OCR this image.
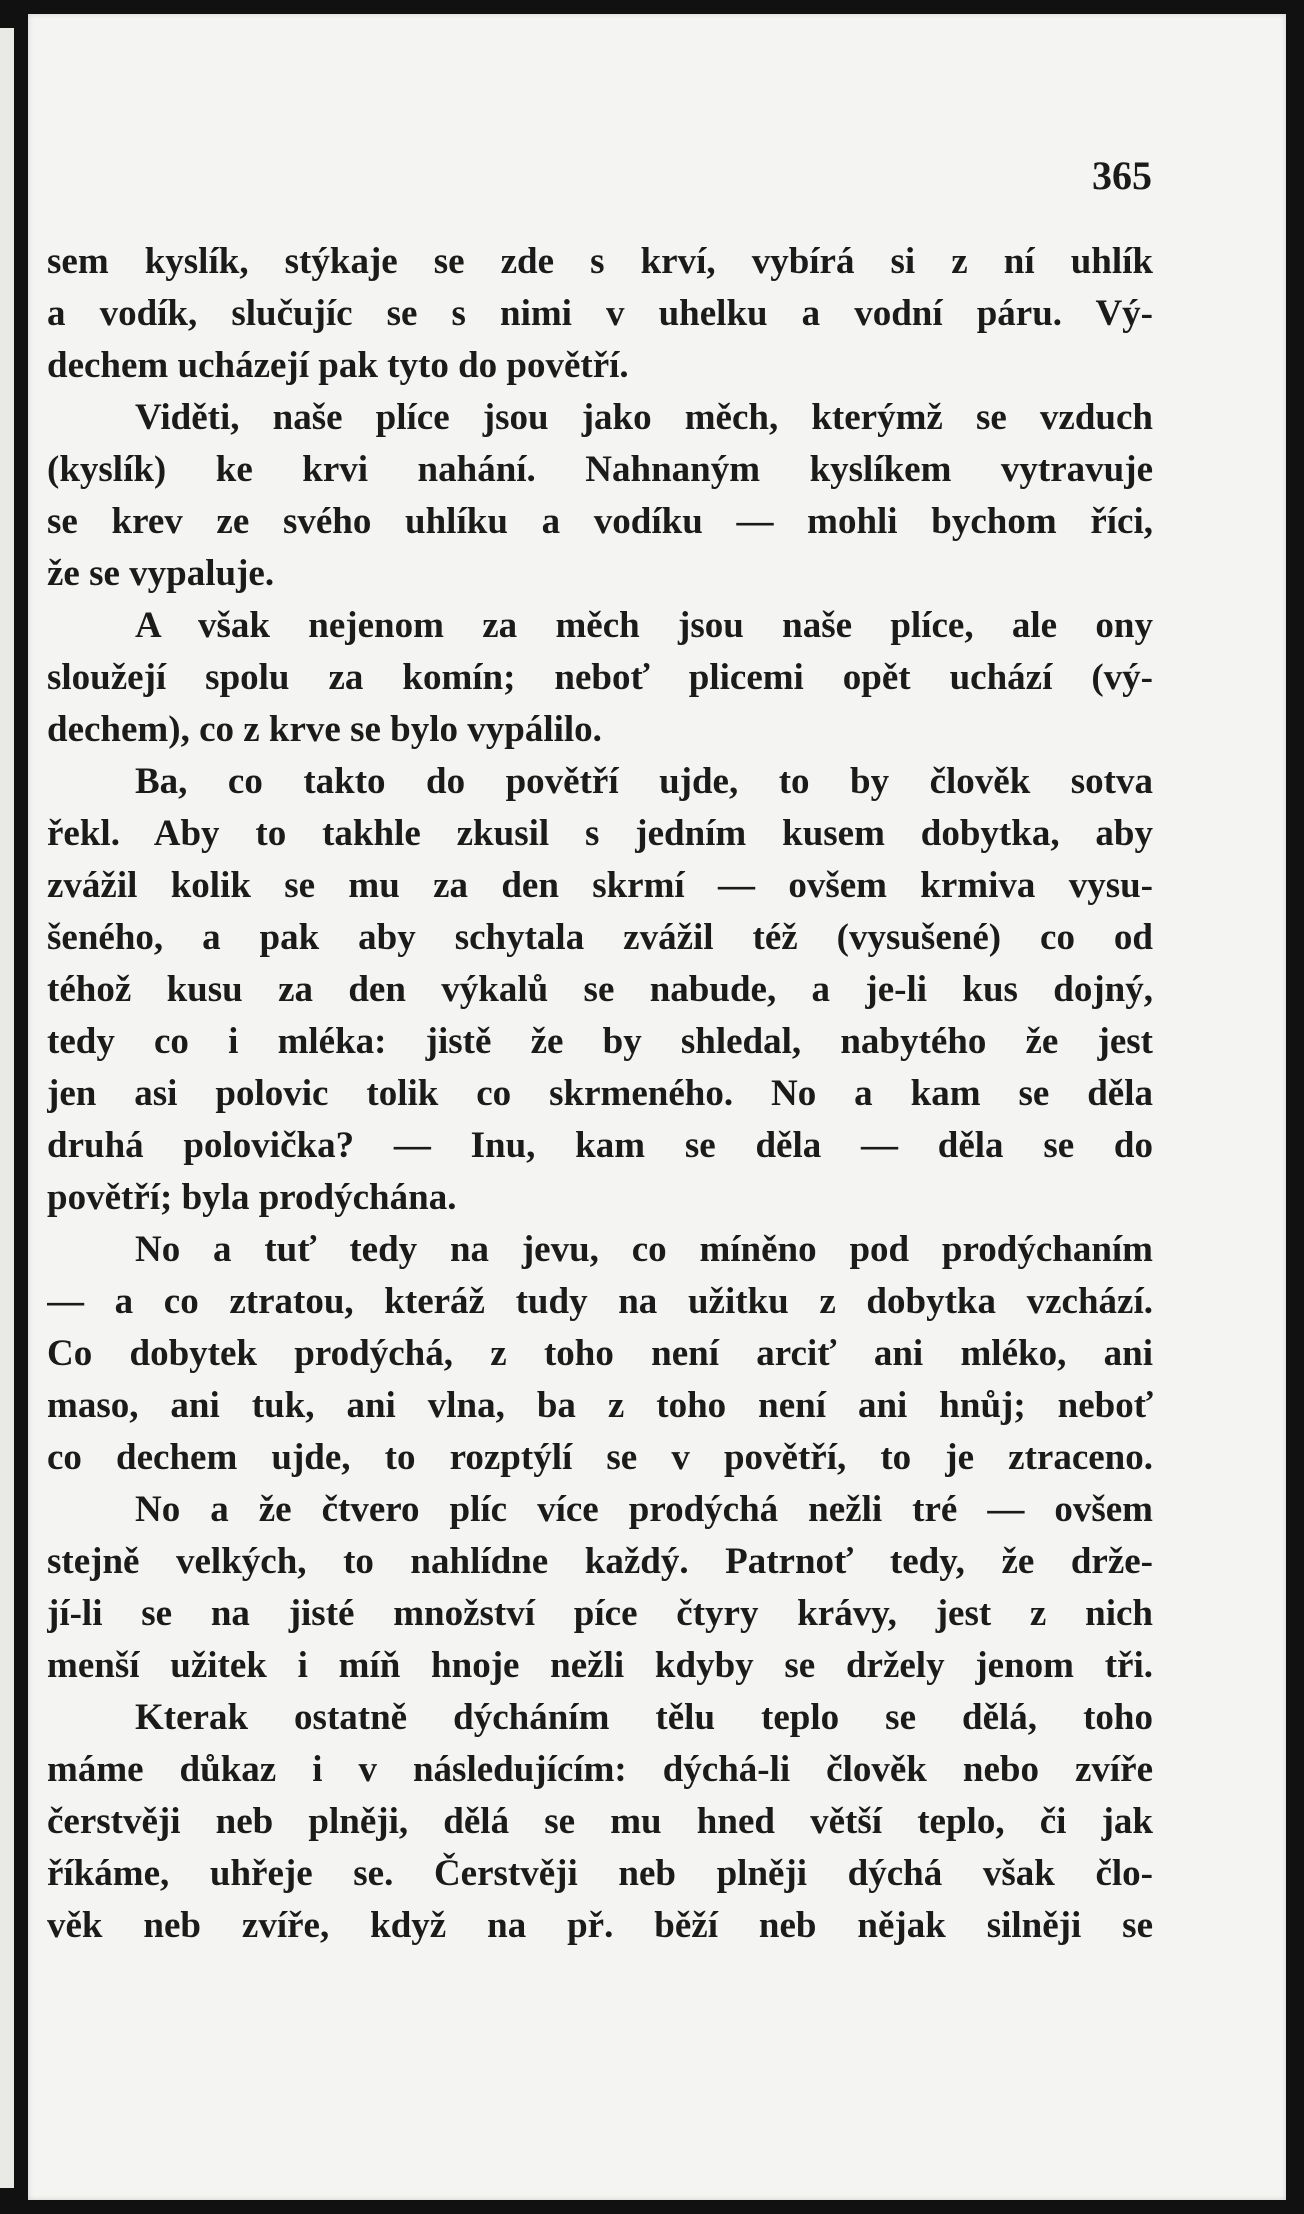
365
sem kyslík, stýkaje se zde s krví, vybírá si z ní uhlík
a vodík, slučujíc se s nimi v uhelku a vodní páru. Vý-
dechem ucházejí pak tyto do povětří.
Viděti, naše plíce jsou jako měch, kterýmž se vzduch
(kyslík) ke krvi nahání. Nahnaným kyslíkem vytravuje
se krev ze svého uhlíku a vodíku — mohli bychom říci,
že se vypaluje.
A však nejenom za měch jsou naše plíce, ale ony
sloužejí spolu za komín; neboť plicemi opět uchází (vý-
dechem), co z krve se bylo vypálilo.
Ba, co takto do povětří ujde, to by člověk sotva
řekl. Aby to takhle zkusil s jedním kusem dobytka, aby
zvážil kolik se mu za den skrmí — ovšem krmiva vysu-
šeného, a pak aby schytala zvážil též (vysušené) co od
téhož kusu za den výkalů se nabude, a je-li kus dojný,
tedy co i mléka: jistě že by shledal, nabytého že jest
jen asi polovic tolik co skrmeného. No a kam se děla
druhá polovička? — Inu, kam se děla — děla se do
povětří; byla prodýchána.
No a tuť tedy na jevu, co míněno pod prodýchaním
— a co ztratou, kteráž tudy na užitku z dobytka vzchází.
Co dobytek prodýchá, z toho není arciť ani mléko, ani
maso, ani tuk, ani vlna, ba z toho není ani hnůj; neboť
co dechem ujde, to rozptýlí se v povětří, to je ztraceno.
No a že čtvero plíc více prodýchá nežli tré — ovšem
stejně velkých, to nahlídne každý. Patrnoť tedy, že drže-
jí-li se na jisté množství píce čtyry krávy, jest z nich
menší užitek i míň hnoje nežli kdyby se držely jenom tři.
Kterak ostatně dýcháním tělu teplo se dělá, toho
máme důkaz i v následujícím: dýchá-li člověk nebo zvíře
čerstvěji neb plněji, dělá se mu hned větší teplo, či jak
říkáme, uhřeje se. Čerstvěji neb plněji dýchá však člo-
věk neb zvíře, když na př. běží neb nějak silněji se
